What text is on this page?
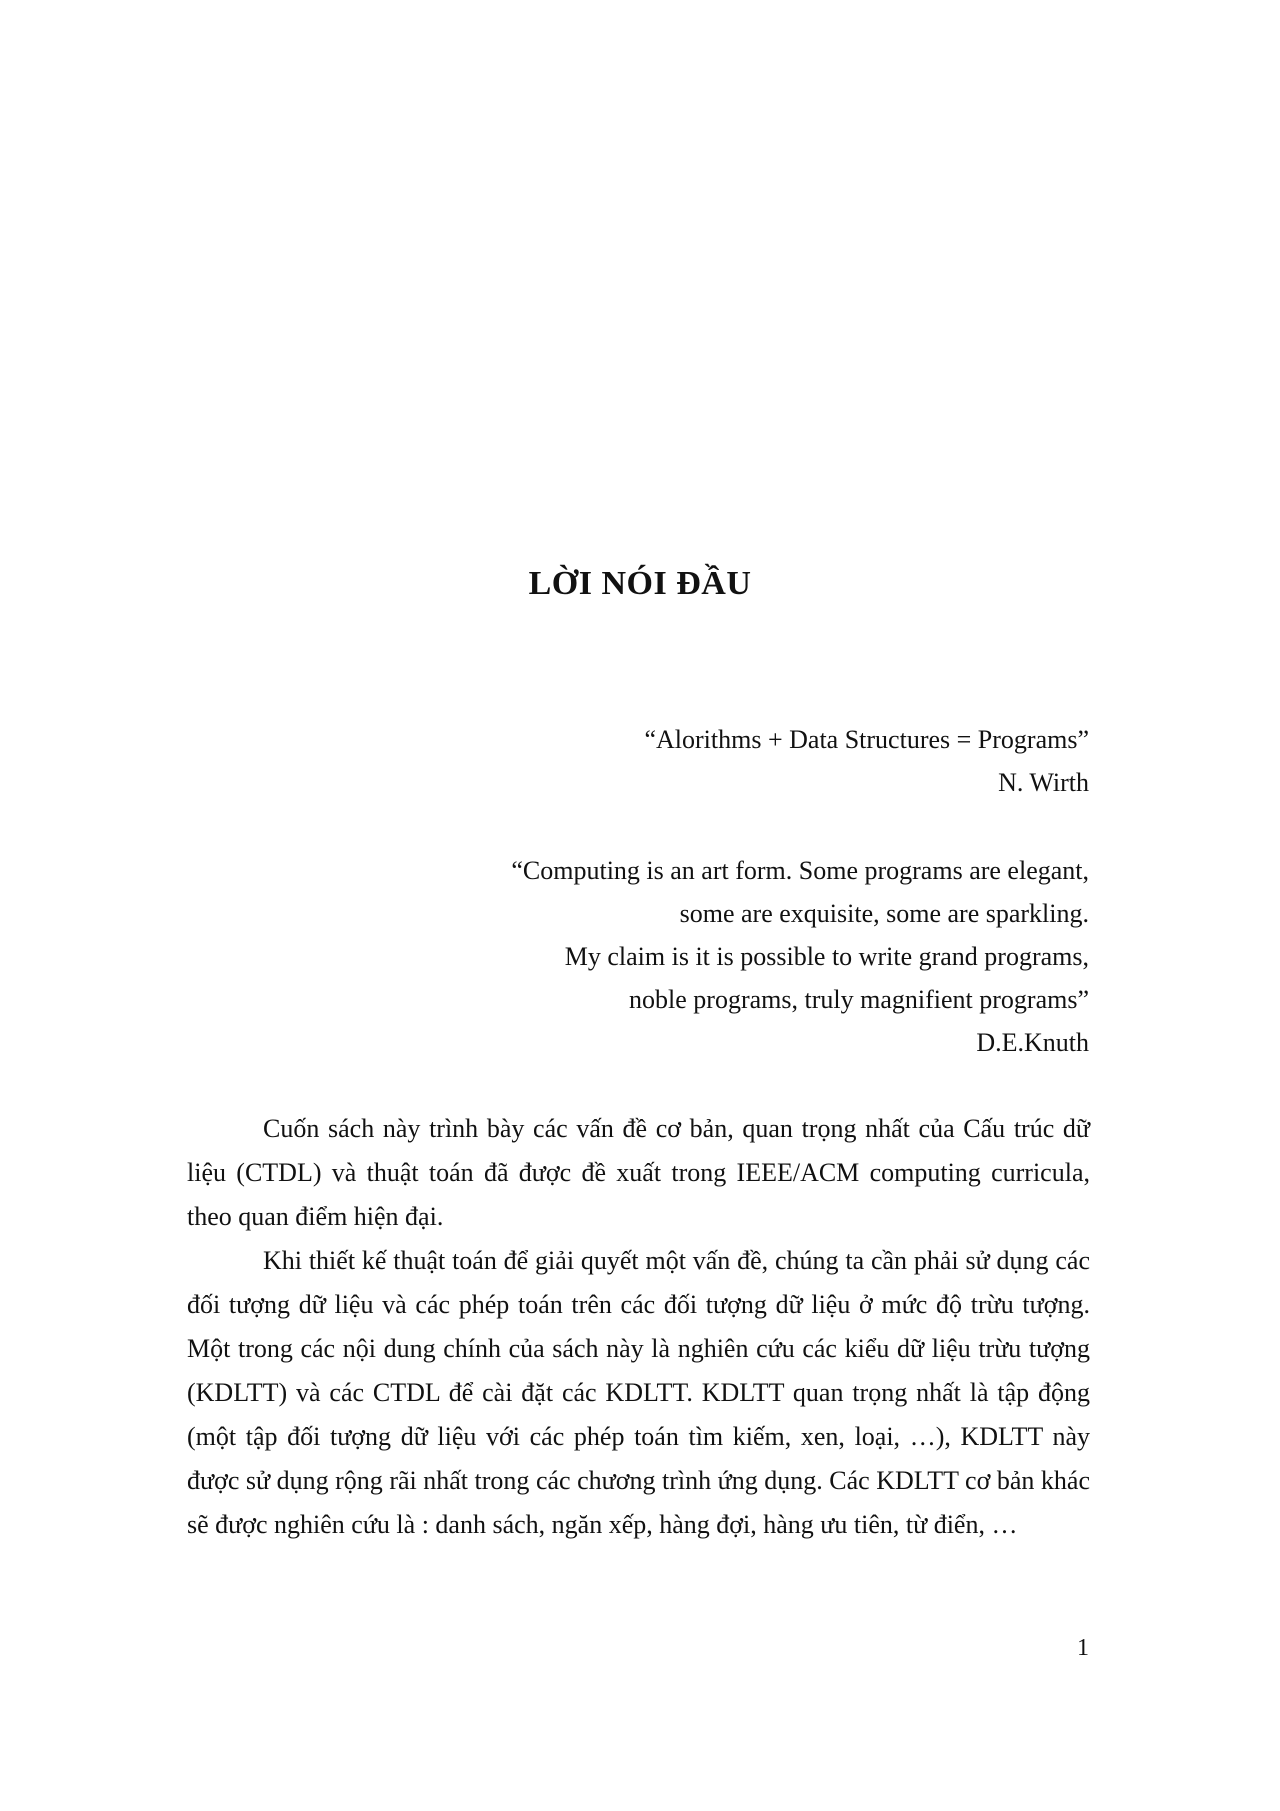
LỜI NÓI ĐẦU
“Alorithms + Data Structures = Programs”
N. Wirth
“Computing is an art form. Some programs are elegant,
some are exquisite, some are sparkling.
My claim is it is possible to write grand programs,
noble programs, truly magnifient programs”
D.E.Knuth

Cuốn sách này trình bày các vấn đề cơ bản, quan trọng nhất của Cấu trúc dữ liệu (CTDL) và thuật toán đã được đề xuất trong IEEE/ACM computing curricula, theo quan điểm hiện đại.

Khi thiết kế thuật toán để giải quyết một vấn đề, chúng ta cần phải sử dụng các đối tượng dữ liệu và các phép toán trên các đối tượng dữ liệu ở mức độ trừu tượng. Một trong các nội dung chính của sách này là nghiên cứu các kiểu dữ liệu trừu tượng (KDLTT) và các CTDL để cài đặt các KDLTT. KDLTT quan trọng nhất là tập động (một tập đối tượng dữ liệu với các phép toán tìm kiếm, xen, loại, …), KDLTT này được sử dụng rộng rãi nhất trong các chương trình ứng dụng. Các KDLTT cơ bản khác sẽ được nghiên cứu là : danh sách, ngăn xếp, hàng đợi, hàng ưu tiên, từ điển, …

1
